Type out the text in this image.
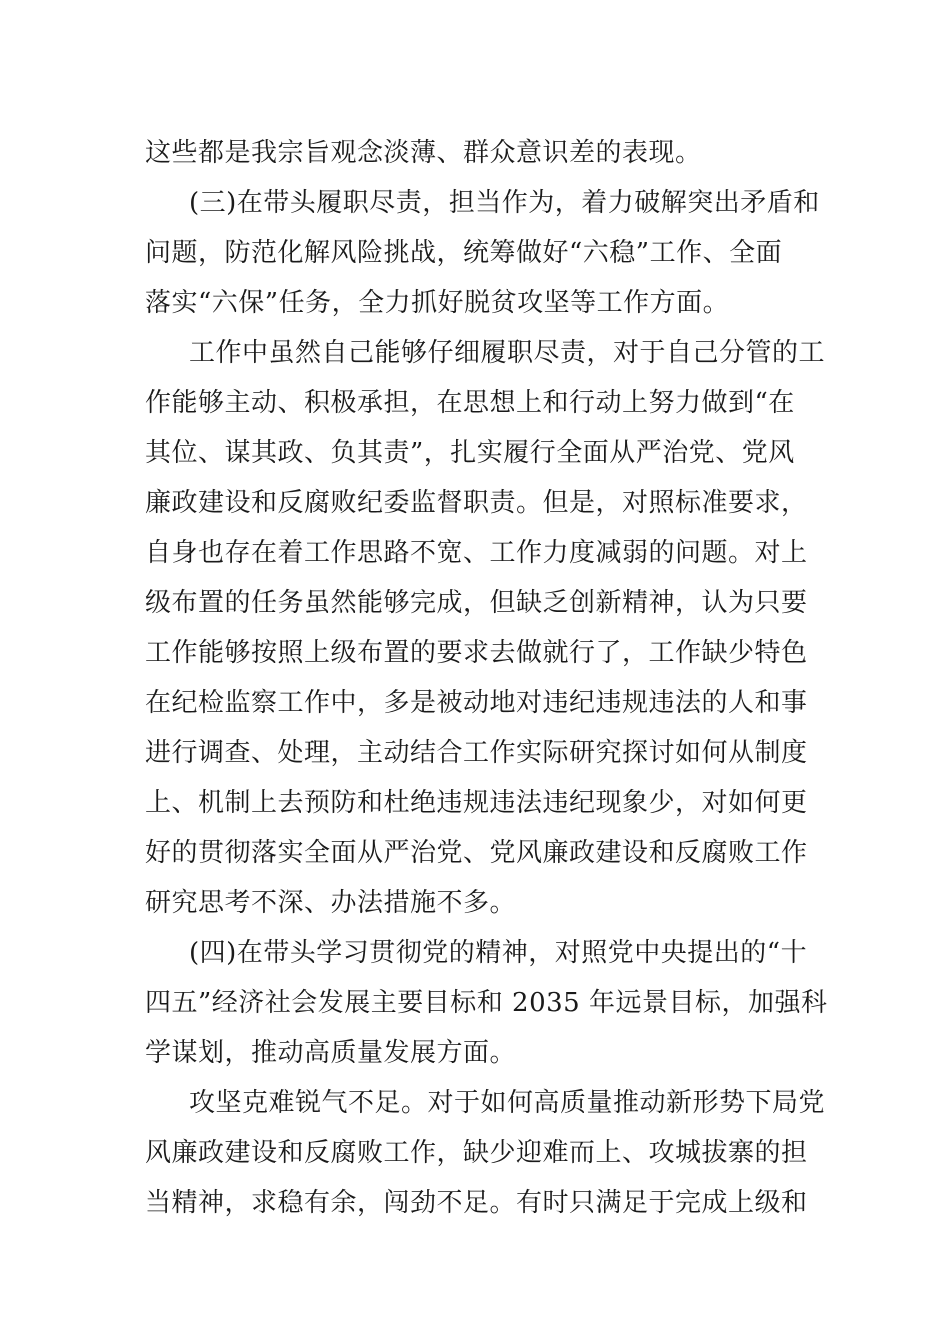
这些都是我宗旨观念淡薄、群众意识差的表现。
(三)在带头履职尽责，担当作为，着力破解突出矛盾和
问题，防范化解风险挑战，统筹做好“六稳”工作、全面
落实“六保”任务，全力抓好脱贫攻坚等工作方面。
工作中虽然自己能够仔细履职尽责，对于自己分管的工
作能够主动、积极承担，在思想上和行动上努力做到“在
其位、谋其政、负其责”，扎实履行全面从严治党、党风
廉政建设和反腐败纪委监督职责。但是，对照标准要求，
自身也存在着工作思路不宽、工作力度减弱的问题。对上
级布置的任务虽然能够完成，但缺乏创新精神，认为只要
工作能够按照上级布置的要求去做就行了，工作缺少特色
在纪检监察工作中，多是被动地对违纪违规违法的人和事
进行调查、处理，主动结合工作实际研究探讨如何从制度
上、机制上去预防和杜绝违规违法违纪现象少，对如何更
好的贯彻落实全面从严治党、党风廉政建设和反腐败工作
研究思考不深、办法措施不多。
(四)在带头学习贯彻党的精神，对照党中央提出的“十
四五”经济社会发展主要目标和 2035 年远景目标，加强科
学谋划，推动高质量发展方面。
攻坚克难锐气不足。对于如何高质量推动新形势下局党
风廉政建设和反腐败工作，缺少迎难而上、攻城拔寨的担
当精神，求稳有余，闯劲不足。有时只满足于完成上级和
